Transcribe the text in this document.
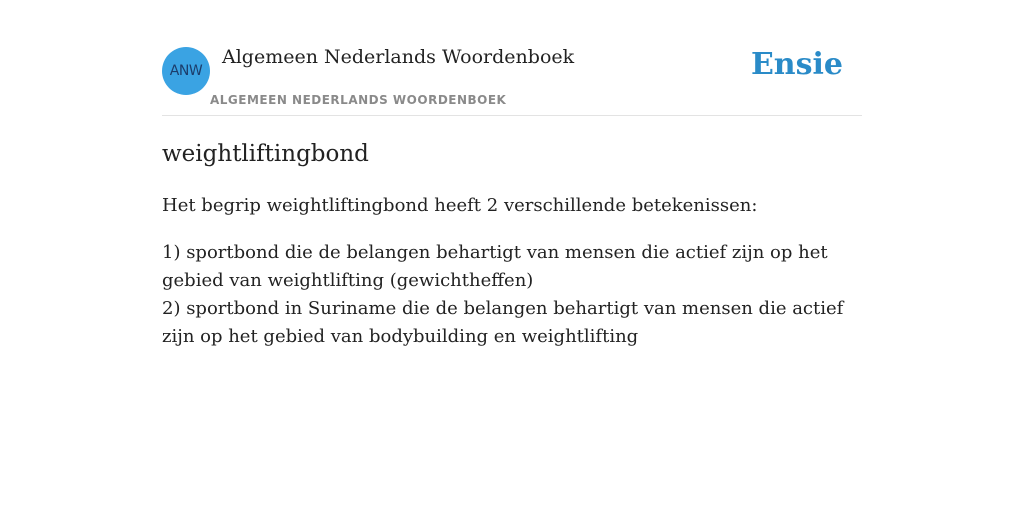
ANW
Algemeen Nederlands Woordenboek
ALGEMEEN NEDERLANDS WOORDENBOEK
Ensie
weightliftingbond

Het begrip weightliftingbond heeft 2 verschillende betekenissen:

1) sportbond die de belangen behartigt van mensen die actief zijn op het gebied van weightlifting (gewichtheffen)
2) sportbond in Suriname die de belangen behartigt van mensen die actief zijn op het gebied van bodybuilding en weightlifting
